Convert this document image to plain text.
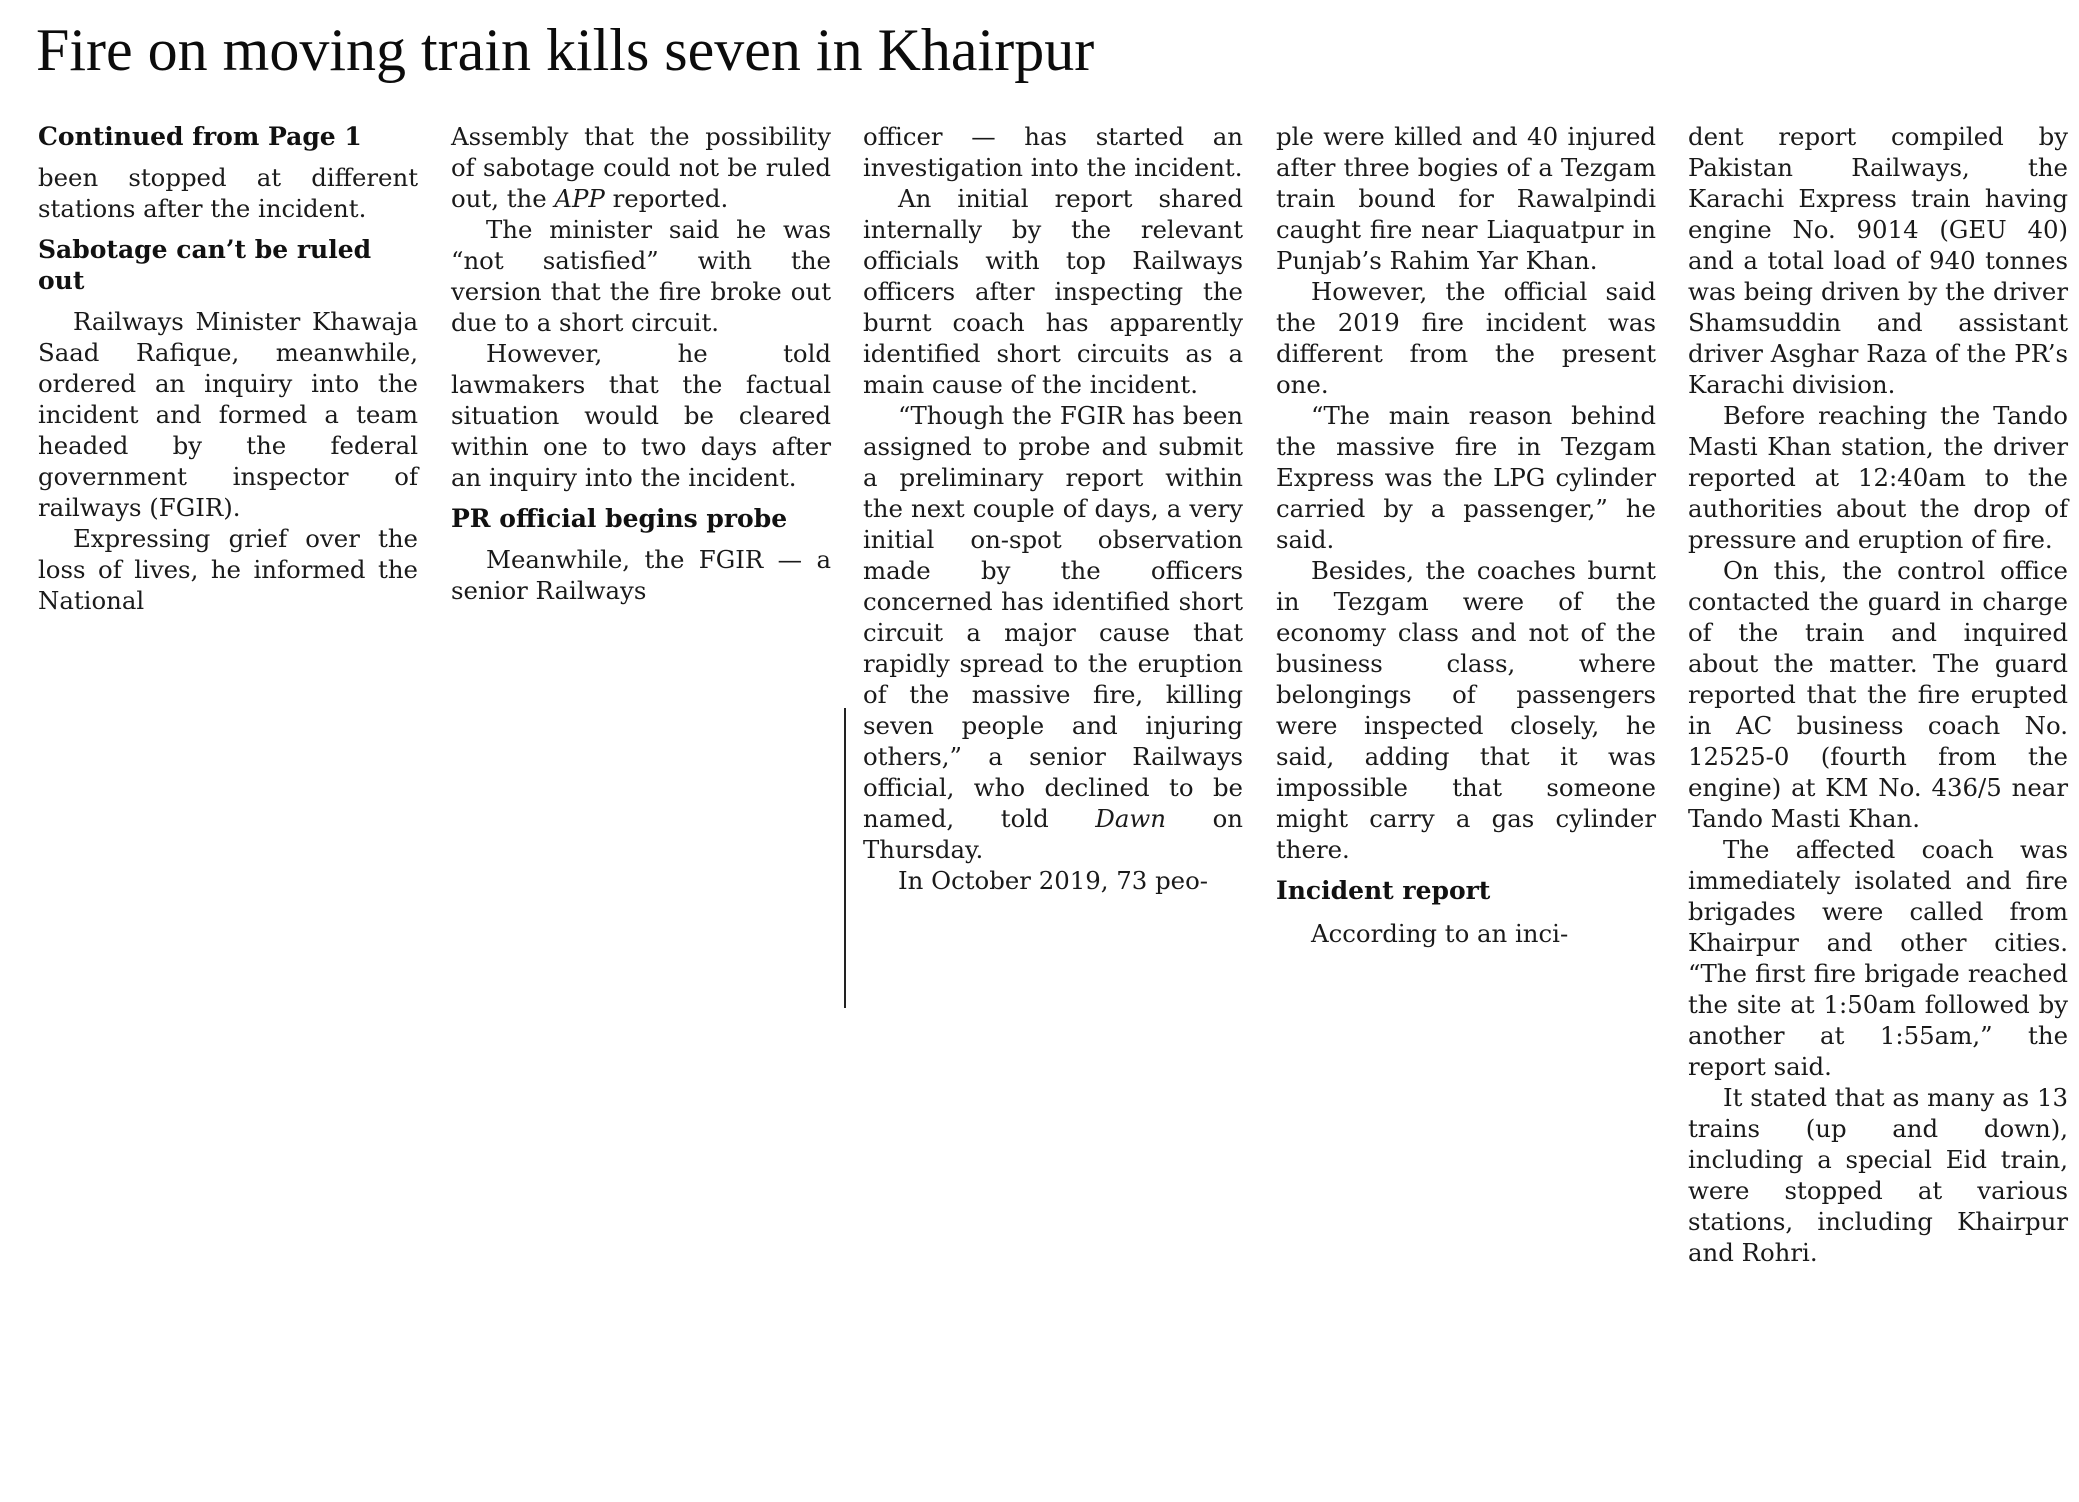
Fire on moving train kills seven in Khairpur
Continued from Page 1

been stopped at different stations after the incident.

Sabotage can’t be ruled out

Railways Minister Khawaja Saad Rafique, meanwhile, ordered an inquiry into the incident and formed a team headed by the federal government inspector of railways (FGIR).

Expressing grief over the loss of lives, he informed the National

Assembly that the possibility of sabotage could not be ruled out, the APP reported.

The minister said he was “not satisfied” with the version that the fire broke out due to a short circuit.

However, he told lawmakers that the factual situation would be cleared within one to two days after an inquiry into the incident.

PR official begins probe

Meanwhile, the FGIR — a senior Railways

officer — has started an investigation into the incident.

An initial report shared internally by the relevant officials with top Railways officers after inspecting the burnt coach has apparently identified short circuits as a main cause of the incident.

“Though the FGIR has been assigned to probe and submit a preliminary report within the next couple of days, a very initial on-spot observation made by the officers concerned has identified short circuit a major cause that rapidly spread to the eruption of the massive fire, killing seven people and injuring others,” a senior Railways official, who declined to be named, told Dawn on Thursday.

In October 2019, 73 peo-

ple were killed and 40 injured after three bogies of a Tezgam train bound for Rawalpindi caught fire near Liaquatpur in Punjab’s Rahim Yar Khan.

However, the official said the 2019 fire incident was different from the present one.

“The main reason behind the massive fire in Tezgam Express was the LPG cylinder carried by a passenger,” he said.

Besides, the coaches burnt in Tezgam were of the economy class and not of the business class, where belongings of passengers were inspected closely, he said, adding that it was impossible that someone might carry a gas cylinder there.

Incident report

According to an inci-

dent report compiled by Pakistan Railways, the Karachi Express train having engine No. 9014 (GEU 40) and a total load of 940 tonnes was being driven by the driver Shamsuddin and assistant driver Asghar Raza of the PR’s Karachi division.

Before reaching the Tando Masti Khan station, the driver reported at 12:40am to the authorities about the drop of pressure and eruption of fire.

On this, the control office contacted the guard in charge of the train and inquired about the matter. The guard reported that the fire erupted in AC business coach No. 12525-0 (fourth from the engine) at KM No. 436/5 near Tando Masti Khan.

The affected coach was immediately isolated and fire brigades were called from Khairpur and other cities. “The first fire brigade reached the site at 1:50am followed by another at 1:55am,” the report said.

It stated that as many as 13 trains (up and down), including a special Eid train, were stopped at various stations, including Khairpur and Rohri.
